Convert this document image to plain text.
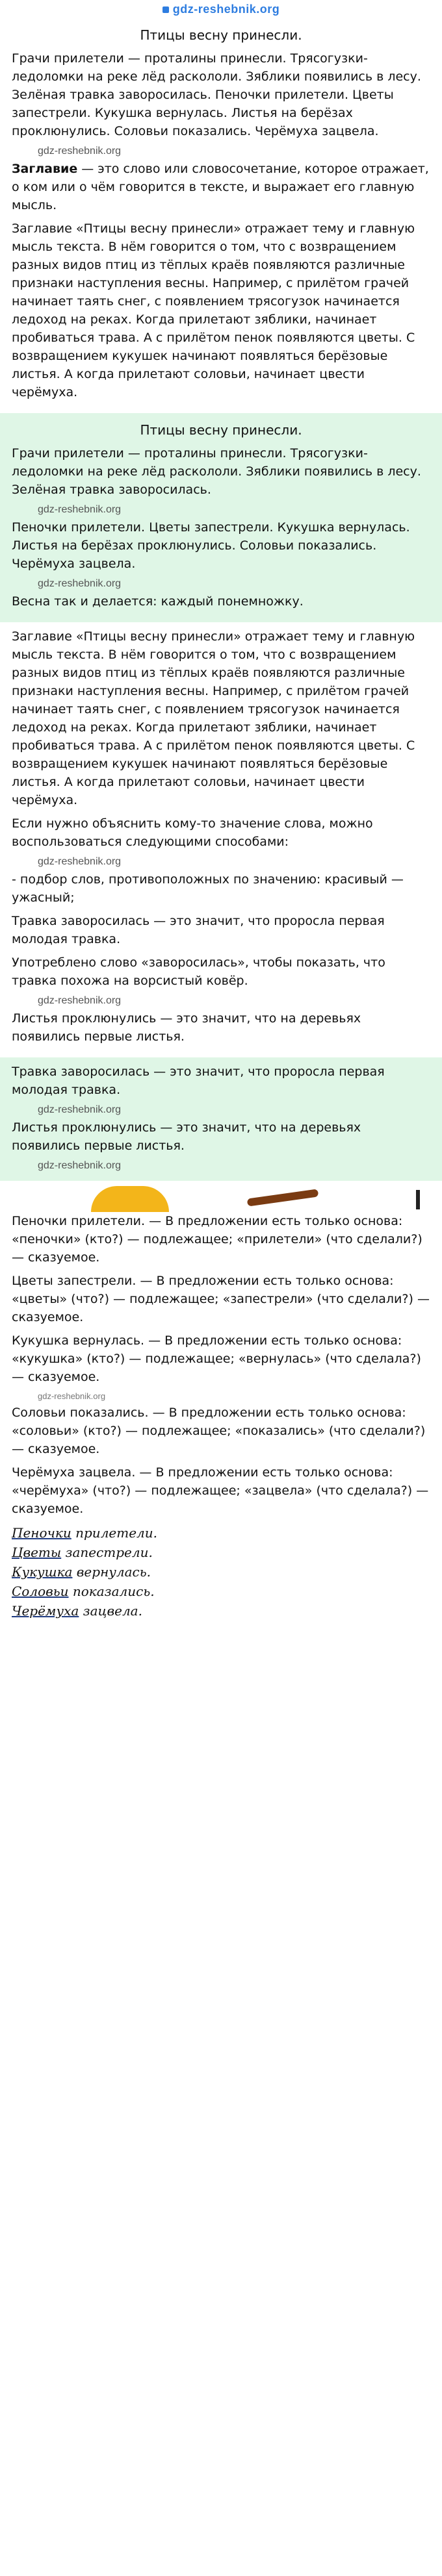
gdz-reshebnik.org
Птицы весну принесли.

Грачи прилетели — проталины принесли. Трясогузки-ледоломки на реке лёд раскололи. Зяблики появились в лесу. Зелёная травка заворосилась. Пеночки прилетели. Цветы запестрели. Кукушка вернулась. Листья на берёзах проклюнулись. Соловьи показались. Черёмуха зацвела.

gdz-reshebnik.org

Заглавие — это слово или словосочетание, которое отражает, о ком или о чём говорится в тексте, и выражает его главную мысль.

Заглавие «Птицы весну принесли» отражает тему и главную мысль текста. В нём говорится о том, что с возвращением разных видов птиц из тёплых краёв появляются различные признаки наступления весны. Например, с прилётом грачей начинает таять снег, с появлением трясогузок начинается ледоход на реках. Когда прилетают зяблики, начинает пробиваться трава. А с прилётом пенок появляются цветы. С возвращением кукушек начинают появляться берёзовые листья. А когда прилетают соловьи, начинает цвести черёмуха.

Птицы весну принесли.

Грачи прилетели — проталины принесли. Трясогузки-ледоломки на реке лёд раскололи. Зяблики появились в лесу. Зелёная травка заворосилась.

gdz-reshebnik.org

Пеночки прилетели. Цветы запестрели. Кукушка вернулась. Листья на берёзах проклюнулись. Соловьи показались. Черёмуха зацвела.

gdz-reshebnik.org

Весна так и делается: каждый понемножку.

Заглавие «Птицы весну принесли» отражает тему и главную мысль текста. В нём говорится о том, что с возвращением разных видов птиц из тёплых краёв появляются различные признаки наступления весны. Например, с прилётом грачей начинает таять снег, с появлением трясогузок начинается ледоход на реках. Когда прилетают зяблики, начинает пробиваться трава. А с прилётом пенок появляются цветы. С возвращением кукушек начинают появляться берёзовые листья. А когда прилетают соловьи, начинает цвести черёмуха.

Если нужно объяснить кому-то значение слова, можно воспользоваться следующими способами:

gdz-reshebnik.org

- подбор слов, противоположных по значению: красивый — ужасный;

Травка заворосилась — это значит, что проросла первая молодая травка.

Употреблено слово «заворосилась», чтобы показать, что травка похожа на ворсистый ковёр.

gdz-reshebnik.org

Листья проклюнулись — это значит, что на деревьях появились первые листья.

Травка заворосилась — это значит, что проросла первая молодая травка.

gdz-reshebnik.org

Листья проклюнулись — это значит, что на деревьях появились первые листья.

gdz-reshebnik.org

Пеночки прилетели. — В предложении есть только основа: «пеночки» (кто?) — подлежащее; «прилетели» (что сделали?) — сказуемое.

Цветы запестрели. — В предложении есть только основа: «цветы» (что?) — подлежащее; «запестрели» (что сделали?) — сказуемое.

Кукушка вернулась. — В предложении есть только основа: «кукушка» (кто?) — подлежащее; «вернулась» (что сделала?) — сказуемое.

gdz-reshebnik.org

Соловьи показались. — В предложении есть только основа: «соловьи» (кто?) — подлежащее; «показались» (что сделали?) — сказуемое.

Черёмуха зацвела. — В предложении есть только основа: «черёмуха» (что?) — подлежащее; «зацвела» (что сделала?) — сказуемое.

Пеночки прилетели.
Цветы запестрели.
Кукушка вернулась.
Соловьи показались.
Черёмуха зацвела.
